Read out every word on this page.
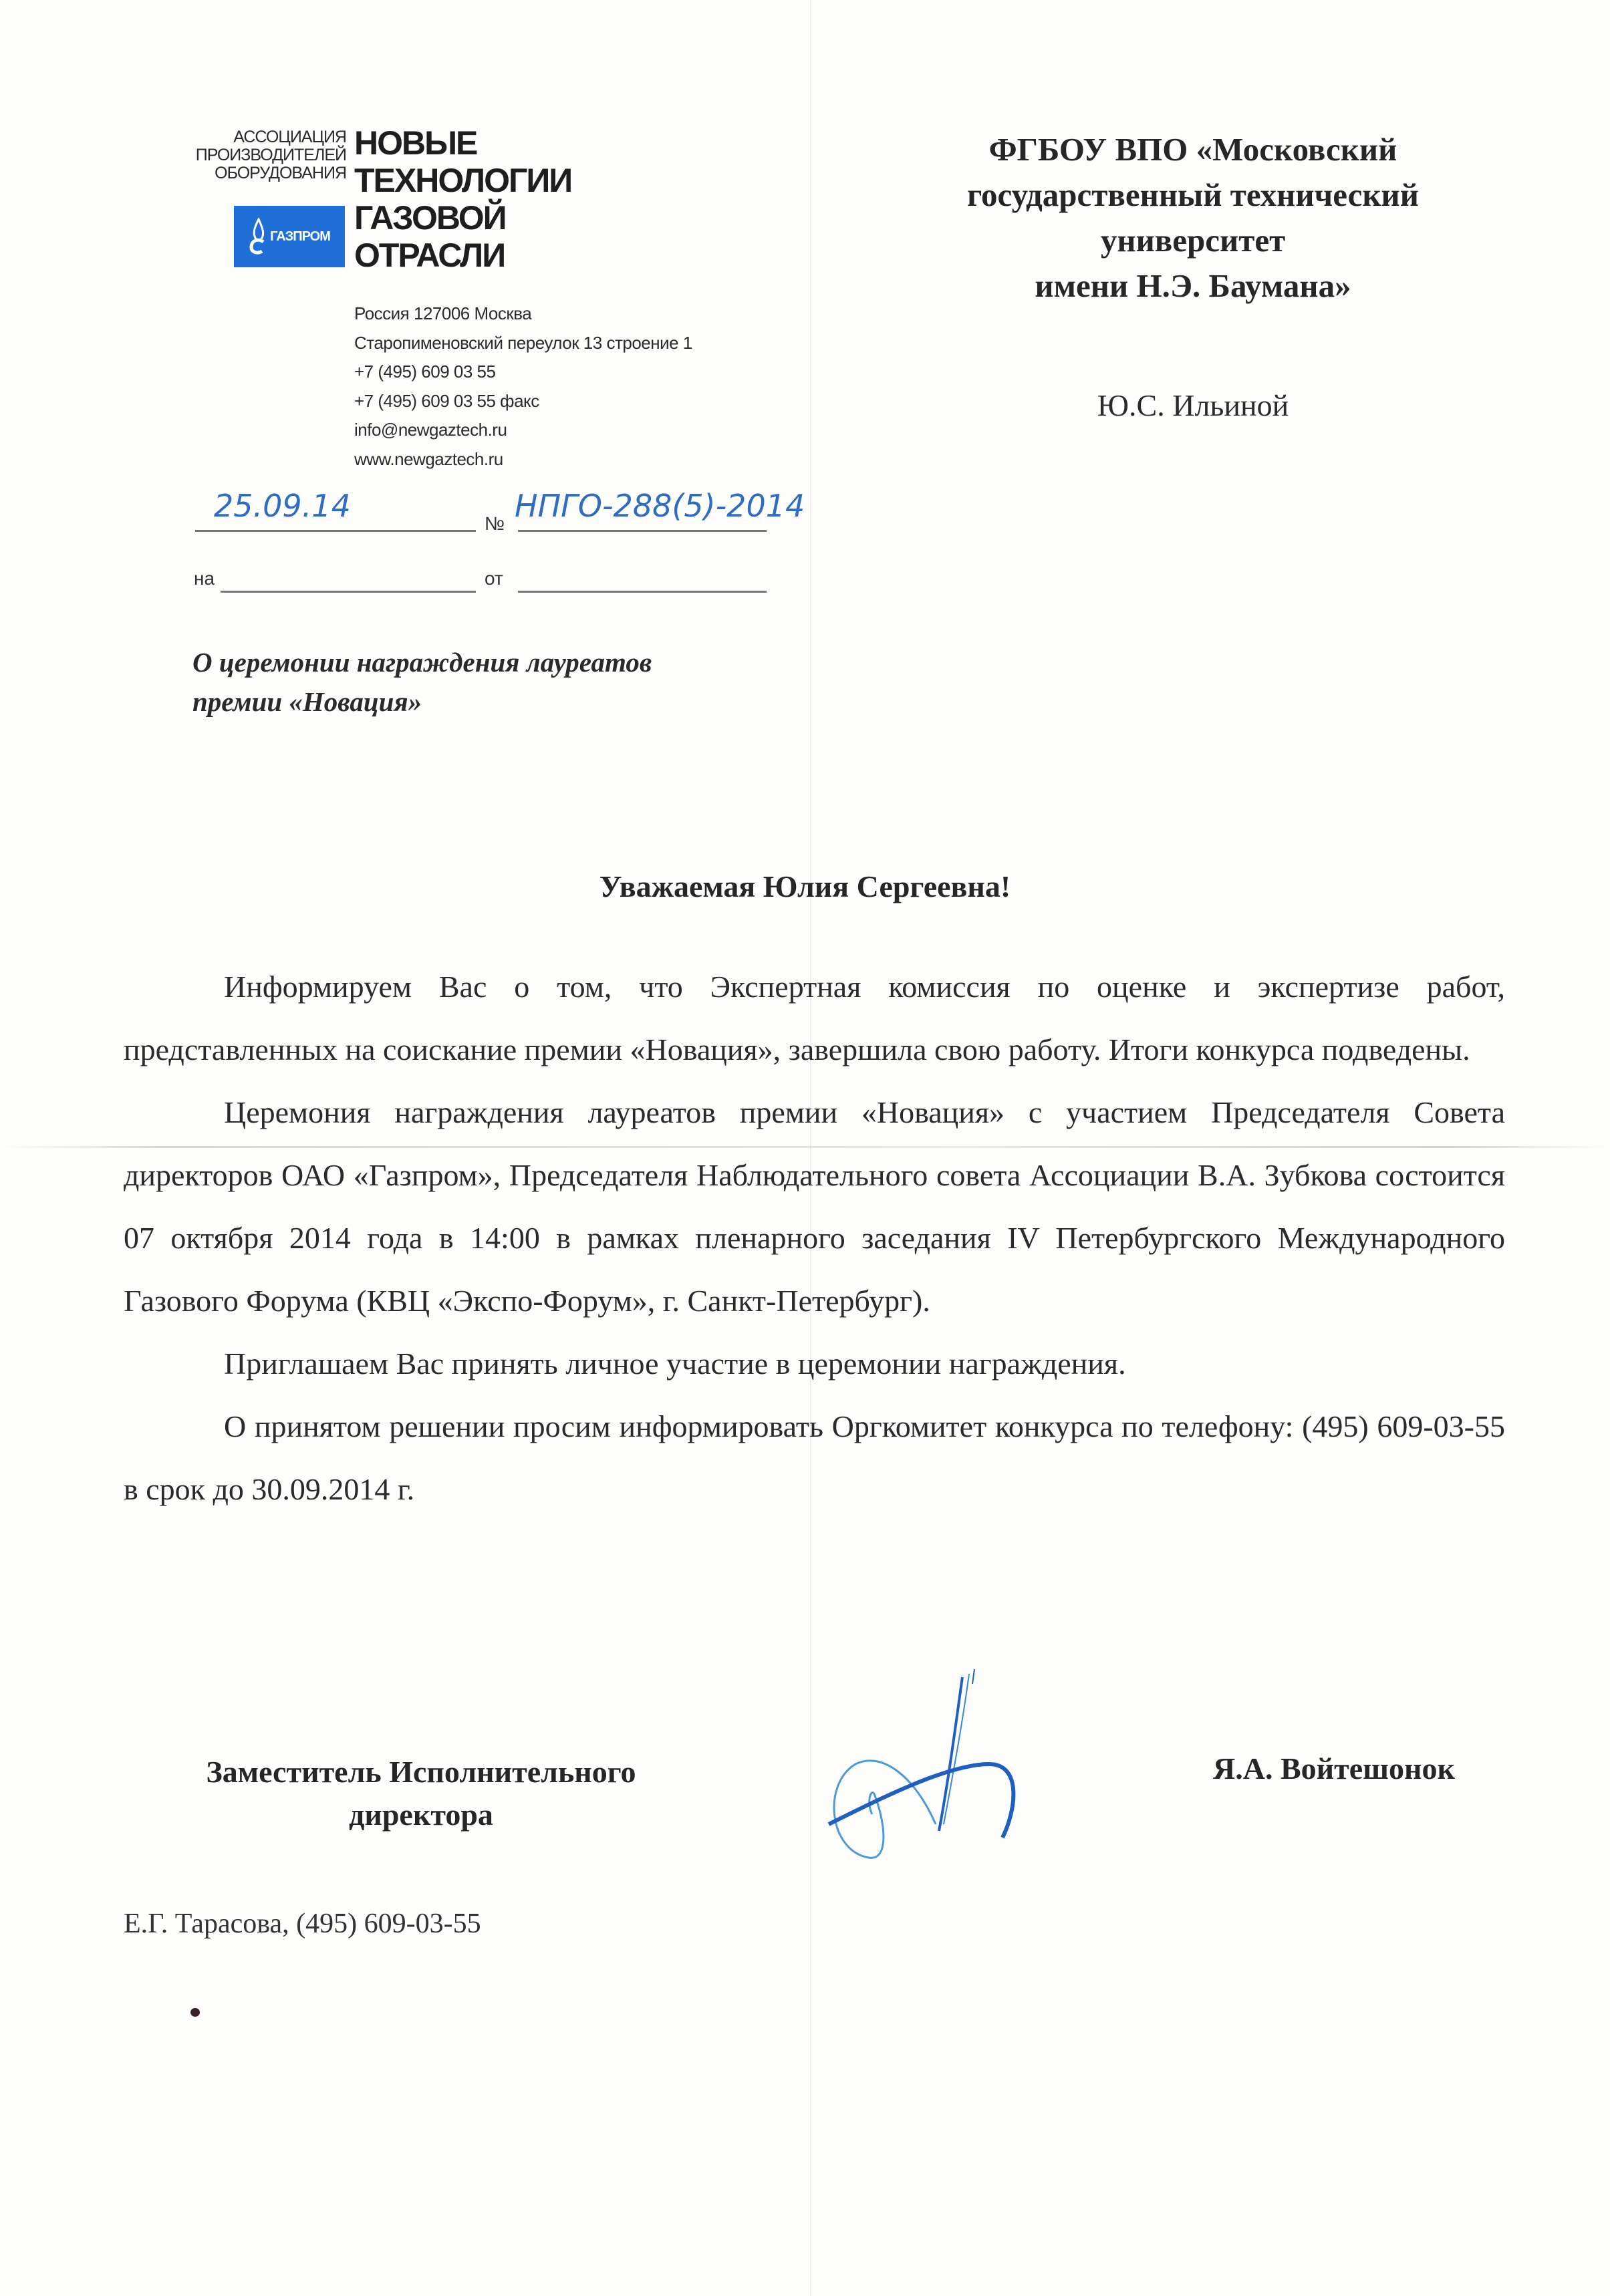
АССОЦИАЦИЯ
ПРОИЗВОДИТЕЛЕЙ
ОБОРУДОВАНИЯ
НОВЫЕ
ТЕХНОЛОГИИ
ГАЗОВОЙ
ОТРАСЛИ
ГАЗПРОМ
Россия 127006 Москва
Старопименовский переулок 13 строение 1
+7 (495) 609 03 55
+7 (495) 609 03 55 факс
info@newgaztech.ru
www.newgaztech.ru
25.09.14	№ НПГО-288(5)-2014
на	от
О церемонии награждения лауреатов
премии «Новация»
ФГБОУ ВПО «Московский
государственный технический
университет
имени Н.Э. Баумана»
Ю.С. Ильиной
Уважаемая Юлия Сергеевна!

Информируем Вас о том, что Экспертная комиссия по оценке и экспертизе работ, представленных на соискание премии «Новация», завершила свою работу. Итоги конкурса подведены.

Церемония награждения лауреатов премии «Новация» с участием Председателя Совета директоров ОАО «Газпром», Председателя Наблюдательного совета Ассоциации В.А. Зубкова состоится 07 октября 2014 года в 14:00 в рамках пленарного заседания IV Петербургского Международного Газового Форума (КВЦ «Экспо-Форум», г. Санкт-Петербург).

Приглашаем Вас принять личное участие в церемонии награждения.

О принятом решении просим информировать Оргкомитет конкурса по телефону: (495) 609-03-55 в срок до 30.09.2014 г.

Заместитель Исполнительного
директора
Я.А. Войтешонок
Е.Г. Тарасова, (495) 609-03-55
